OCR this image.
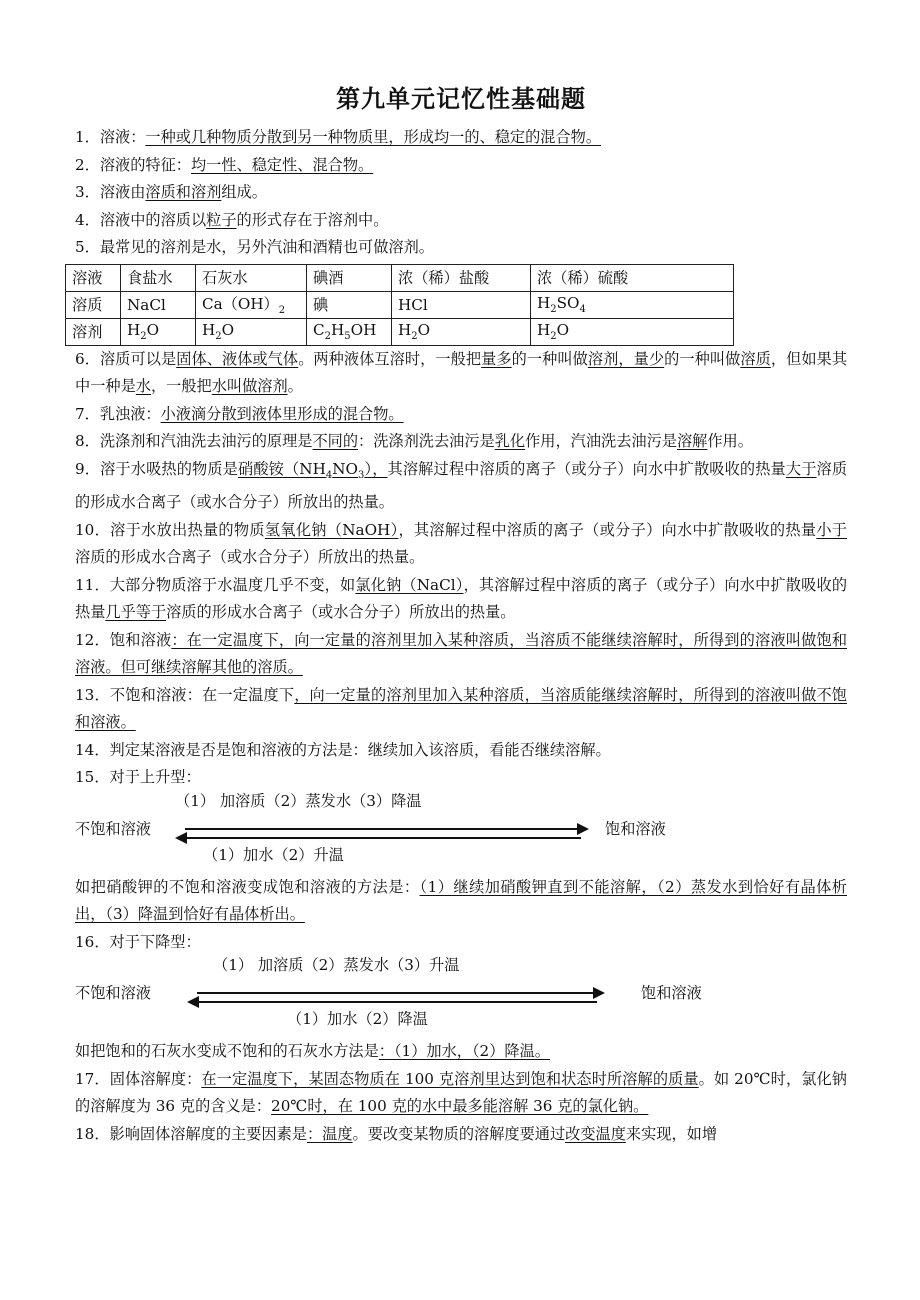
第九单元记忆性基础题

1．溶液：一种或几种物质分散到另一种物质里，形成均一的、稳定的混合物。

2．溶液的特征：均一性、稳定性、混合物。

3．溶液由溶质和溶剂组成。

4．溶液中的溶质以粒子的形式存在于溶剂中。

5．最常见的溶剂是水，另外汽油和酒精也可做溶剂。

溶液	食盐水	石灰水	碘酒	浓（稀）盐酸	浓（稀）硫酸
溶质	NaCl	$Ca(OH)_2$	碘	HCl	$H_2SO_4$
溶剂	$H_2O$	$H_2O$	$C_2H_5OH$	$H_2O$	$H_2O$

6．溶质可以是固体、液体或气体。两种液体互溶时，一般把量多的一种叫做溶剂，量少的一种叫做溶质，但如果其中一种是水，一般把水叫做溶剂。

7．乳浊液：小液滴分散到液体里形成的混合物。

8．洗涤剂和汽油洗去油污的原理是不同的：洗涤剂洗去油污是乳化作用，汽油洗去油污是溶解作用。

9．溶于水吸热的物质是硝酸铵$(NH_4NO_3)$，其溶解过程中溶质的离子（或分子）向水中扩散吸收的热量大于溶质的形成水合离子（或水合分子）所放出的热量。

10．溶于水放出热量的物质氢氧化钠（NaOH），其溶解过程中溶质的离子（或分子）向水中扩散吸收的热量小于溶质的形成水合离子（或水合分子）所放出的热量。

11．大部分物质溶于水温度几乎不变，如氯化钠（NaCl），其溶解过程中溶质的离子（或分子）向水中扩散吸收的热量几乎等于溶质的形成水合离子（或水合分子）所放出的热量。

12．饱和溶液：在一定温度下，向一定量的溶剂里加入某种溶质，当溶质不能继续溶解时，所得到的溶液叫做饱和溶液。但可继续溶解其他的溶质。

13．不饱和溶液：在一定温度下，向一定量的溶剂里加入某种溶质，当溶质能继续溶解时，所得到的溶液叫做不饱和溶液。

14．判定某溶液是否是饱和溶液的方法是：继续加入该溶质，看能否继续溶解。

15．对于上升型：

（1） 加溶质（2）蒸发水（3）降温
不饱和溶液	饱和溶液
（1）加水（2）升温

如把硝酸钾的不饱和溶液变成饱和溶液的方法是：（1）继续加硝酸钾直到不能溶解，（2）蒸发水到恰好有晶体析出，（3）降温到恰好有晶体析出。

16．对于下降型：

（1） 加溶质（2）蒸发水（3）升温
不饱和溶液	饱和溶液
（1）加水（2）降温

如把饱和的石灰水变成不饱和的石灰水方法是：（1）加水，（2）降温。

17．固体溶解度：在一定温度下，某固态物质在 100 克溶剂里达到饱和状态时所溶解的质量。如 20℃时，氯化钠的溶解度为 36 克的含义是：20℃时，在 100 克的水中最多能溶解 36 克的氯化钠。

18．影响固体溶解度的主要因素是：温度。要改变某物质的溶解度要通过改变温度来实现，如增
